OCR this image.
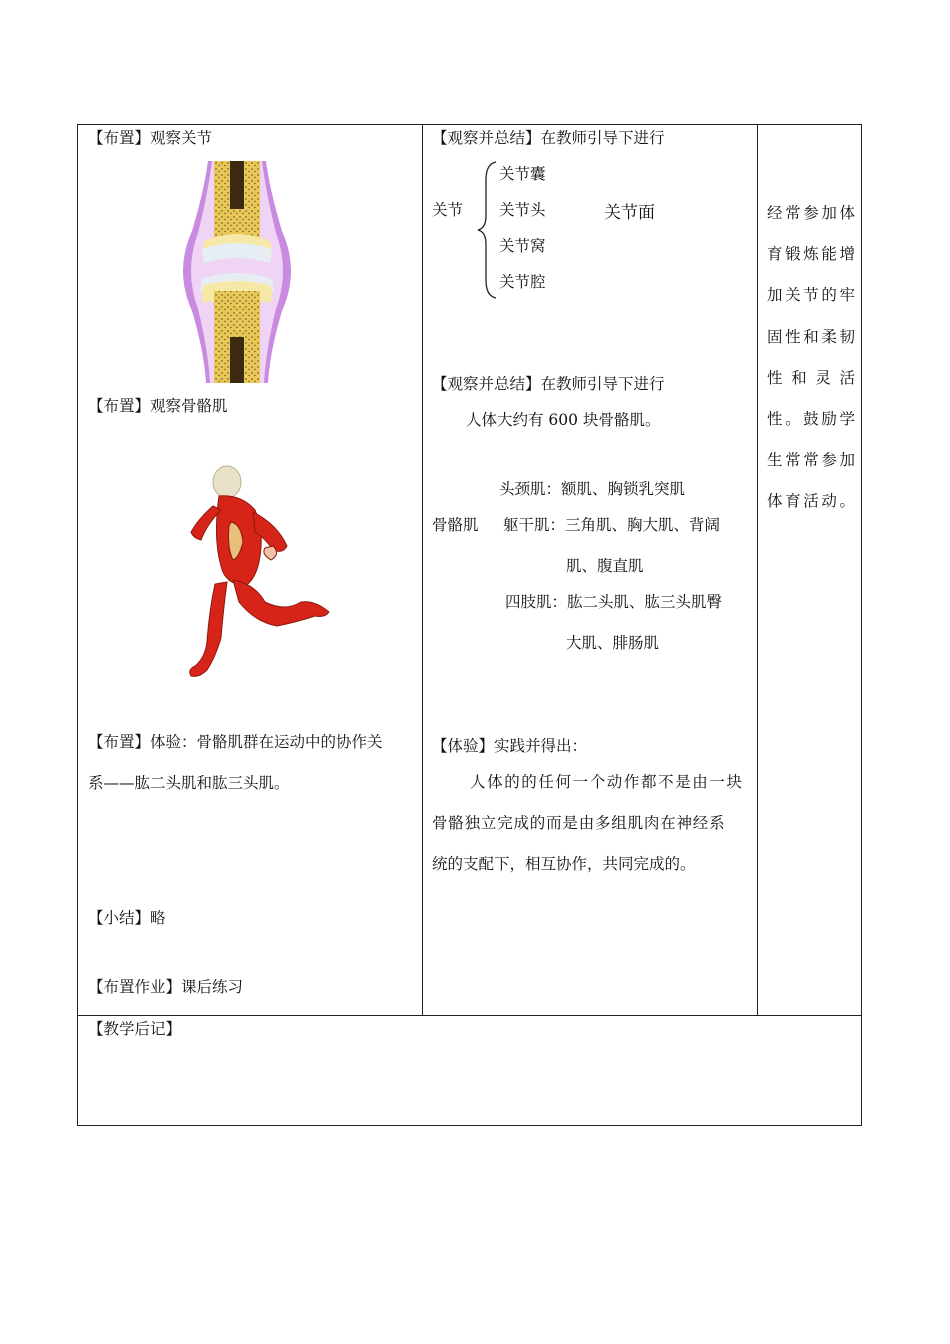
【布置】观察关节
【布置】观察骨骼肌
【布置】体验：骨骼肌群在运动中的协作关
系——肱二头肌和肱三头肌。
【小结】略
【布置作业】课后练习
【观察并总结】在教师引导下进行
关节
关节囊
关节头
关节窝
关节腔
关节面
【观察并总结】在教师引导下进行
人体大约有 600 块骨骼肌。
头颈肌：额肌、胸锁乳突肌
骨骼肌 躯干肌：三角肌、胸大肌、背阔
肌、腹直肌
四肢肌：肱二头肌、肱三头肌臀
大肌、腓肠肌
【体验】实践并得出：
人体的的任何一个动作都不是由一块
骨骼独立完成的而是由多组肌肉在神经系
统的支配下，相互协作，共同完成的。
经常参加体
育锻炼能增
加关节的牢
固性和柔韧
性 和 灵 活
性。鼓励学
生常常参加
体育活动。
【教学后记】
